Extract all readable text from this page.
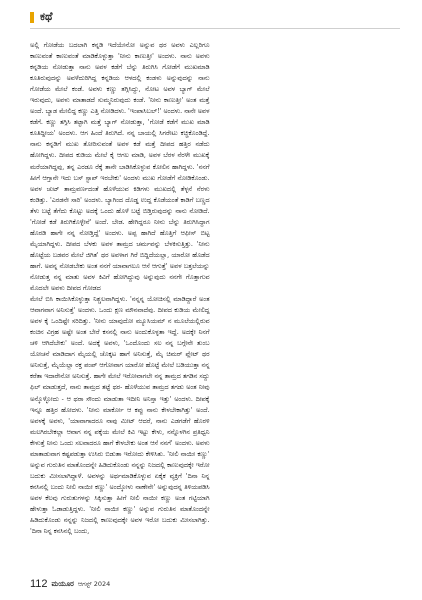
ಕಥೆ

ಅಲ್ಲಿ ಗೋಡೆಯ ಬದಲಾಗಿ ಕನ್ನಡಿ ಇದೆಯೇನೋ ಅನ್ನುವ ಥರ ಅವಳು ಎಲ್ಲರಿಗೂ ಕಾಣುವಂತೆ ಕಾಣುವಂತೆ ಮಾಡಿಕೊಳ್ಳುತ್ತಾ 'ನೀನು ಕಾಣುತ್ತೀ' ಅಂದಳು. ನಾನು ಅವಳು ಕನ್ನಡಿಯ ನೋಡುತ್ತಾ ನಾನು ಅವಳ ಕಡೆಗೆ ಬೆನ್ನು ತಿರುಗಿಸಿ ಗೋಡೆಗೆ ಮುಖಮಾಡಿ ಕೂತಿರುವುದನ್ನು ಅವಳೆದುರಿಗಿದ್ದ ಕನ್ನಡಿಯ ಆಳದಲ್ಲಿ ಕಂಡಳು ಅನ್ನುವುದನ್ನು ನಾನು ಗೋಡೆಯ ಮೇಲೆ ಕಂಡೆ. ಅವಳು ಕಣ್ಣು ತಗ್ಗಿಸಿದ್ದು, ನೋಟ ಅವಳ ಬ್ಯಾಗ್ ಮೇಲೆ ಇರುವುದು, ಅವಳು ಮಾತಾಡದೆ ಸುಮ್ಮನಿರುವುದು ಕಂಡೆ. 'ನೀನು ಕಾಣುತ್ತೀ' ಅಂತ ಮತ್ತೆ ಅಂದೆ. ಬ್ಯಾಡ ಮೇಲಿದ್ದ ಕಣ್ಣು ಎತ್ತಿ ನೋಡಿದಳು. 'ಇಂಪಾಸಿಬಲ್!' ಅಂದಳು. ನಾನೇ ಅವಳ ಕಡೆಗೆ. ಕಣ್ಣು ತಗ್ಗಿಸಿ ತಟ್ಟಾಗಿ ಮತ್ತೆ ಬ್ಯಾಗ್ ನೋಡುತ್ತಾ, 'ಗೋಡೆ ಕಡೆಗೆ ಮುಖ ಮಾಡಿ ಕೂತಿದ್ದೀಯ' ಅಂದಳು. ಆಗ ಹಿಂದೆ ತಿರುಗಿದೆ. ನನ್ನ ಬಾಯಲ್ಲಿ ಸಿಗರೇಟು ಕಚ್ಚಿಕೊಂಡಿದ್ದೆ. ನಾನು ಕನ್ನಡಿಗೆ ಮುಖ ತೋರಿಸುವಂತೆ ಅವಳ ಕಡೆ ಮತ್ತೆ ದೀಪದ ಹತ್ತಿರ ನಡೆದು ಹೋಗಿದ್ದಳು. ದೀಪದ ಕುಡಿಯ ಮೇಲೆ ಕೈ ಆಗಲ ಮಾಡಿ, ಅವಳ ಬೆರಳ ನೆರಳೇ ಮುಖಕ್ಕೆ ಮರೆಯಾಗಿದ್ದವು, ತನ್ನ ಎರಡೂ ರೆಕ್ಕೆ ತಾನೇ ಬಾಡಿಸಿಕೊಳ್ಳುವ ಕೋಲಿನ ಹಾಗಿದ್ದಳು. 'ನನಗೆ ಹೀಗೆ ಆಗ್ತಾನೇ ಇದು ಬಸ್ ಸ್ಟಾಪ್ ಇರಬೇಕು' ಅಂದಳು ಮುಖ ಗೋಡೆಗೆ ನೋಡಿಕೊಂಡು. ಅವಳ ಚುಟ್ ತಾಮ್ರವರ್ಣದಂತೆ ಹೊಳೆಯುವ ಕಿಡಿಗಳು ಮುಖದಲ್ಲಿ ತೆಳ್ಳನೆ ನೆರಳು ಕಂಡಿತ್ತು. 'ಎರಡನೇ ಸಾರಿ' ಅಂದಳು. ಬ್ಯಾಗಿಂದ ದೊಡ್ಡ ಉದ್ದ ಕೊಡೆಯಂತೆ ಕಾಡಿಗೆ ಬಣ್ಣದ ತೆಳು ಬಟ್ಟೆ ತೆಗೆದು ಕೊಟ್ಟು ಅದಕ್ಕೆ ಒಂದು ಹೊಳೆ ಬಟ್ಟೆ ಬಿಡ್ತಿರುವುದನ್ನು ನಾನು ನೋಡಿದೆ. 'ಗೋಡೆ ಕಡೆ ತಿರುಗಿಕೊಳ್ಳೇನೆ' ಅಂದೆ. ಬೇಡ. ಹೇಗಿದ್ದರೂ ನೀನು ಬೆನ್ನು ತಿರುಗಿಸಿದ್ದಾಗ ಹೊರಡಿ ಹಾಗೇ ನನ್ನ ನೋಡ್ತಿದ್ದೆ' ಅಂದಳು. ಅಪ್ಪ ಹಾಗಿದೆ ಹೊತ್ತಿಗೆ ಆಫೀಸ್ ಬಿಟ್ಟ ಮೈಯಾಗಿದ್ದಳು. ದೀಪದ ಬೆಳಕು ಅವಳ ತಾಮ್ರದ ಚರ್ಮವನ್ನು ಬೆಳಕಿಸುತ್ತಿತ್ತು. 'ನೀನು ಹೊಟ್ಟೆಯ ಬಡವರ ಮೇಲೆ ಜಿಗಿತ' ಥರ ಅವಳಾಗ ಗಿರೆ ಬಿದ್ದಿದೆಯಲ್ಲಾ, ಯಾರೋ ಹೊಡೆದ ಹಾಗೆ. ಅವನ್ನ ನೋಡಬೇಕು ಅಂತ ನನಗೆ ಯಾವಾಗಲೂ ಆಸೆ ಆಗುತ್ತೆ' ಅವಳ ಬತ್ತಲೆಯನ್ನು ನೋಡುತ್ತ ನನ್ನ ಮಾತು ಅವಳ ಕಿವಿಗೆ ಹೋಗಿದ್ದುವು ಅನ್ನುವುದು ನನಗೇ ಗೊತ್ತಾಗುವ ಮೊದಲೇ ಅವಳು ದೀಪದ ಗೋಡದ

ಮೇಲೆ ಬಿಸಿ ಕಾಯಿಸಿಕೊಳ್ಳುತ್ತಾ ನಿಶ್ಚಲವಾಗಿದ್ದಳು. 'ನನ್ನನ್ನ ಯೋಚಿಸಲ್ಲಿ ಮಾಡಿದ್ದಾರೆ ಅಂತ ಆವಾಗವಾಗ ಅನಿಸುತ್ತೆ' ಅಂದಳು. ಒಂದು ಕ್ಷಣ ಮೌನವಾದೆವು. ದೀಪದ ಕುಡಿಯ ಮೇಲಿದ್ದ ಅವಳ ಕೈ ಒಂದಿಷ್ಟೇ ಸರಿದಿತ್ತು. 'ನೀನು ಯಾವುದೋ ಮ್ಯೂಸಿಯಮ್ ನ ಮೂಲೆಯಲ್ಲಿರುವ ಕಂಚಿನ ವಿಗ್ರಹ ಅಷ್ಟೇ ಅಂತ ಬೇರೆ ಕಸನಲ್ಲಿ ನಾನು ಅಂದುಕೊಳ್ಳತಾ ಇದ್ದೆ. ಅದಕ್ಕೇ ನಿನಗೆ ಚಳಿ ಆಗಿದೆಬೇಕು' ಅಂದೆ. ಅದಕ್ಕೆ ಅವಳು, 'ಒಂದೊಂದು ಸಲ ನನ್ನ ಬಗ್ಗೇನೇ ತುಂಬ ಯೋಚನೆ ಮಾಡಿದಾಗ ಮೈಯಲ್ಲಿ ಚೊಕ್ಕಟ ಹಾಗೆ ಅನಿಸುತ್ತೆ, ಮೈ ಚಿಮರ್ ಪ್ಲೇಟ್ ಥರ ಅನಿಸುತ್ತೆ, ಮೈಯೆಲ್ಲಾ ರಕ್ತ ಪಂಪ್ ಆಗೋವಾಗ ಯಾರೋ ಹೊಟ್ಟೆ ಮೇಲೆ ಬಡಿಯುತ್ತಾ ನನ್ನ ಕರೆತಾ ಇದಾರೇನೋ ಅನಿಸುತ್ತೆ. ಹಾಗೇ ಮೇಲೆ ಇರೋವಾಗಲೇ ನನ್ನ ತಾಮ್ರದ ತಗಡಿನ ಸದ್ದು ಫಿಲ್ ಮಾಡುತ್ತದೆ, ನಾನು ತಾಮ್ರದ ತಟ್ಟೆ ಥರ- ಹೊಳೆಯುವ ತಾಮ್ರದ ತಗಡು ಅಂತ ನೀವು ಅನ್ಕೊಳ್ಳೋದು - ಆ ಥರಾ ಸೌಂದು ಮಾಡುತಾ ಇದೀನಿ ಅನಿಸ್ತಾ ಇತ್ತು' ಅಂದಳು. ದೀಪಕ್ಕೆ ಇನ್ನೂ ಹತ್ತಿರ ಹೋದಳು. 'ನೀನು ಮಾರ್ಕೋ ಆ ಕಪ್ಪು ನಾನು ಕೇಳಬೇಕಾಗಿತ್ತು' ಅಂದೆ. ಅವಳಕ್ಕೆ ಅವಳು, 'ಯಾವಾಗಾದರೂ ನಾವು ಮೀಟ್ ಆದರೆ, ನಾನು ಎಡಗಡೆಗೆ ಹೊರಳಿ ಮಲಗಿರಬೇಕಲ್ಲಾ ಆವಾಗ ನನ್ನ ಪಕ್ಕೆಯ ಮೇಲೆ ಕಿವಿ ಇಟ್ಟು ಕೇಳು, ನನ್ನೊಳಗಿನ ಪ್ರತಿಧ್ವನಿ ಕೇಳುತ್ತೆ ನೀನು ಒಂದು ಸಲವಾದರೂ ಹಾಗೆ ಕೇಳಬೇಕು ಅಂತ ಆಸೆ ನನಗೆ' ಅಂದಳು. ಅವಳು ಮಾತಾಡುವಾಗ ಕಷ್ಟಪಡುತ್ತಾ ಉಸಿರು ಬಿಡುತಾ ಇರೋದು ಕೇಳಿಸಿತು. 'ನೀಲಿ ನಾಯೀ ಕಣ್ಣು' ಅನ್ನುವ ಗುರುತಿನ ಮಾತೊಂದನ್ನೇ ಹಿಡಿದುಕೊಂಡು ನನ್ನನ್ನು ನಿಜದಲ್ಲಿ ಕಾಣುವುದಕ್ಕೇ ಇರೋ ಬದುಕು ಮೀಸಲಾಗಿದ್ದಾಳೆ. ಅವಳನ್ನು ಅರ್ಥಮಾಡಿಕೊಳ್ಳುವ ಏಕೈಕ ವ್ಯಕ್ತಿಗೆ 'ದಿನಾ ನಿನ್ನ ಕನಸಿನಲ್ಲಿ ಬಂದು ನೀಲಿ ನಾಯೀ ಕಣ್ಣು' ಅಂದ್ಕೋಳು ನಾಣೇನೇ' ಅನ್ನುವುದನ್ನ ತಿಳಿಯಪಡಿಸಿ ಅವಳ ಕೆಲವು ಗುರುತುಗಳನ್ನು ಸಿಕ್ಕಿಸುತ್ತಾ ಹೀಗೆ ನೀಲಿ ನಾಯೀ ಕಣ್ಣು ಅಂತ ಗಟ್ಟಿಯಾಗಿ ಹೇಳುತ್ತಾ ಓಡಾಡುತ್ತಿದ್ದಳು. 'ನೀಲಿ ನಾಯೀ ಕಣ್ಣು' ಅನ್ನುವ ಗುರುತಿನ ಮಾತೊಂದನ್ನೇ ಹಿಡಿದುಕೊಂಡು ನನ್ನನ್ನು ನಿಜದಲ್ಲಿ ಕಾಣುವುದಕ್ಕೇ ಅವಳ ಇರೋ ಬದುಕು ಮೀಸಲಾಗಿತ್ತು. 'ದಿನಾ ನಿನ್ನ ಕನಸಿನಲ್ಲಿ ಬಂದು,

112 ಮಯೂರ ಆಗಸ್ಟ್ 2024
